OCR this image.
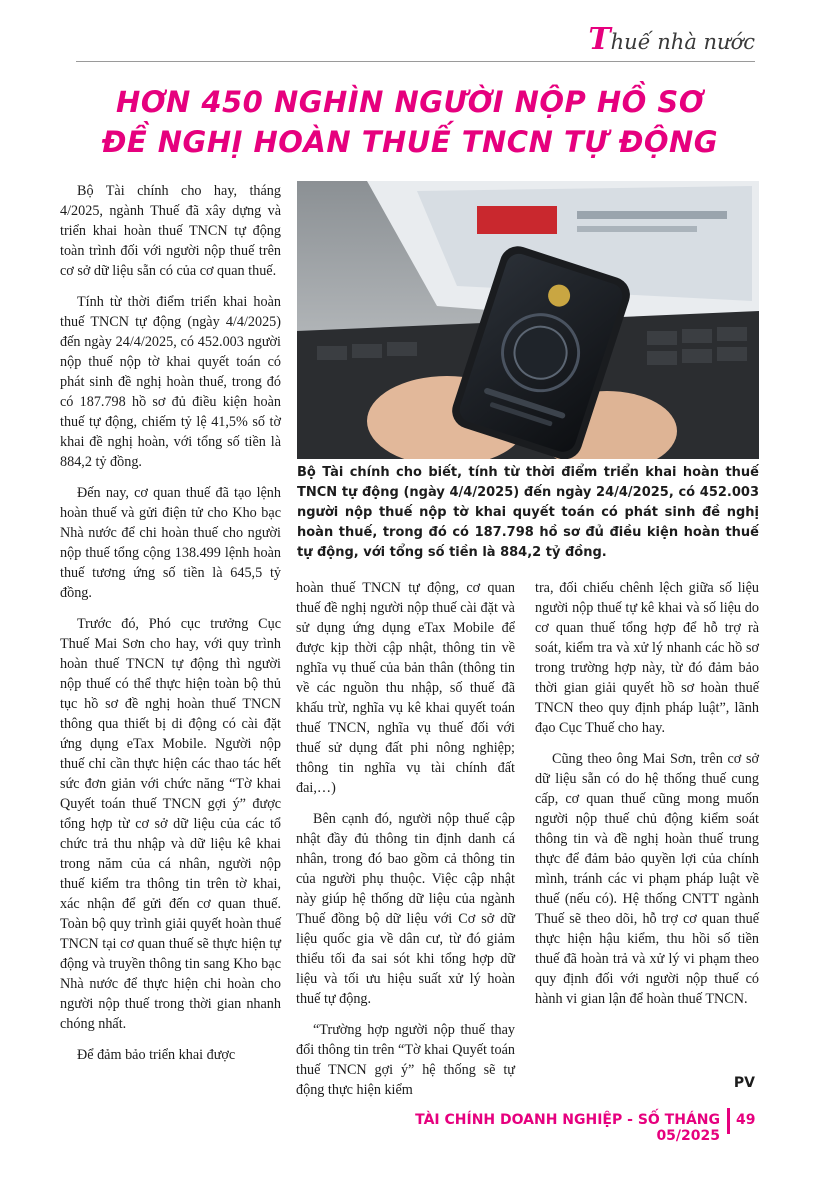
Thuế nhà nước
HƠN 450 NGHÌN NGƯỜI NỘP HỒ SƠ
ĐỀ NGHỊ HOÀN THUẾ TNCN TỰ ĐỘNG

Bộ Tài chính cho hay, tháng 4/2025, ngành Thuế đã xây dựng và triển khai hoàn thuế TNCN tự động toàn trình đối với người nộp thuế trên cơ sở dữ liệu sẵn có của cơ quan thuế.

Tính từ thời điểm triển khai hoàn thuế TNCN tự động (ngày 4/4/2025) đến ngày 24/4/2025, có 452.003 người nộp thuế nộp tờ khai quyết toán có phát sinh đề nghị hoàn thuế, trong đó có 187.798 hồ sơ đủ điều kiện hoàn thuế tự động, chiếm tỷ lệ 41,5% số tờ khai đề nghị hoàn, với tổng số tiền là 884,2 tỷ đồng.

Đến nay, cơ quan thuế đã tạo lệnh hoàn thuế và gửi điện tử cho Kho bạc Nhà nước để chi hoàn thuế cho người nộp thuế tổng cộng 138.499 lệnh hoàn thuế tương ứng số tiền là 645,5 tỷ đồng.

Trước đó, Phó cục trưởng Cục Thuế Mai Sơn cho hay, với quy trình hoàn thuế TNCN tự động thì người nộp thuế có thể thực hiện toàn bộ thủ tục hồ sơ đề nghị hoàn thuế TNCN thông qua thiết bị di động có cài đặt ứng dụng eTax Mobile. Người nộp thuế chỉ cần thực hiện các thao tác hết sức đơn giản với chức năng “Tờ khai Quyết toán thuế TNCN gợi ý” được tổng hợp từ cơ sở dữ liệu của các tổ chức trả thu nhập và dữ liệu kê khai trong năm của cá nhân, người nộp thuế kiểm tra thông tin trên tờ khai, xác nhận để gửi đến cơ quan thuế. Toàn bộ quy trình giải quyết hoàn thuế TNCN tại cơ quan thuế sẽ thực hiện tự động và truyền thông tin sang Kho bạc Nhà nước để thực hiện chi hoàn cho người nộp thuế trong thời gian nhanh chóng nhất.

Để đảm bảo triển khai được

Bộ Tài chính cho biết, tính từ thời điểm triển khai hoàn thuế TNCN tự động (ngày 4/4/2025) đến ngày 24/4/2025, có 452.003 người nộp thuế nộp tờ khai quyết toán có phát sinh đề nghị hoàn thuế, trong đó có 187.798 hồ sơ đủ điều kiện hoàn thuế tự động, với tổng số tiền là 884,2 tỷ đồng.

hoàn thuế TNCN tự động, cơ quan thuế đề nghị người nộp thuế cài đặt và sử dụng ứng dụng eTax Mobile để được kịp thời cập nhật, thông tin về nghĩa vụ thuế của bản thân (thông tin về các nguồn thu nhập, số thuế đã khấu trừ, nghĩa vụ kê khai quyết toán thuế TNCN, nghĩa vụ thuế đối với thuế sử dụng đất phi nông nghiệp; thông tin nghĩa vụ tài chính đất đai,…)

Bên cạnh đó, người nộp thuế cập nhật đầy đủ thông tin định danh cá nhân, trong đó bao gồm cả thông tin của người phụ thuộc. Việc cập nhật này giúp hệ thống dữ liệu của ngành Thuế đồng bộ dữ liệu với Cơ sở dữ liệu quốc gia về dân cư, từ đó giảm thiểu tối đa sai sót khi tổng hợp dữ liệu và tối ưu hiệu suất xử lý hoàn thuế tự động.

“Trường hợp người nộp thuế thay đổi thông tin trên “Tờ khai Quyết toán thuế TNCN gợi ý” hệ thống sẽ tự động thực hiện kiểm

tra, đối chiếu chênh lệch giữa số liệu người nộp thuế tự kê khai và số liệu do cơ quan thuế tổng hợp để hỗ trợ rà soát, kiểm tra và xử lý nhanh các hồ sơ trong trường hợp này, từ đó đảm bảo thời gian giải quyết hồ sơ hoàn thuế TNCN theo quy định pháp luật”, lãnh đạo Cục Thuế cho hay.

Cũng theo ông Mai Sơn, trên cơ sở dữ liệu sẵn có do hệ thống thuế cung cấp, cơ quan thuế cũng mong muốn người nộp thuế chủ động kiểm soát thông tin và đề nghị hoàn thuế trung thực để đảm bảo quyền lợi của chính mình, tránh các vi phạm pháp luật về thuế (nếu có). Hệ thống CNTT ngành Thuế sẽ theo dõi, hỗ trợ cơ quan thuế thực hiện hậu kiểm, thu hồi số tiền thuế đã hoàn trả và xử lý vi phạm theo quy định đối với người nộp thuế có hành vi gian lận để hoàn thuế TNCN.

PV
TÀI CHÍNH DOANH NGHIỆP - SỐ THÁNG 05/2025
49
